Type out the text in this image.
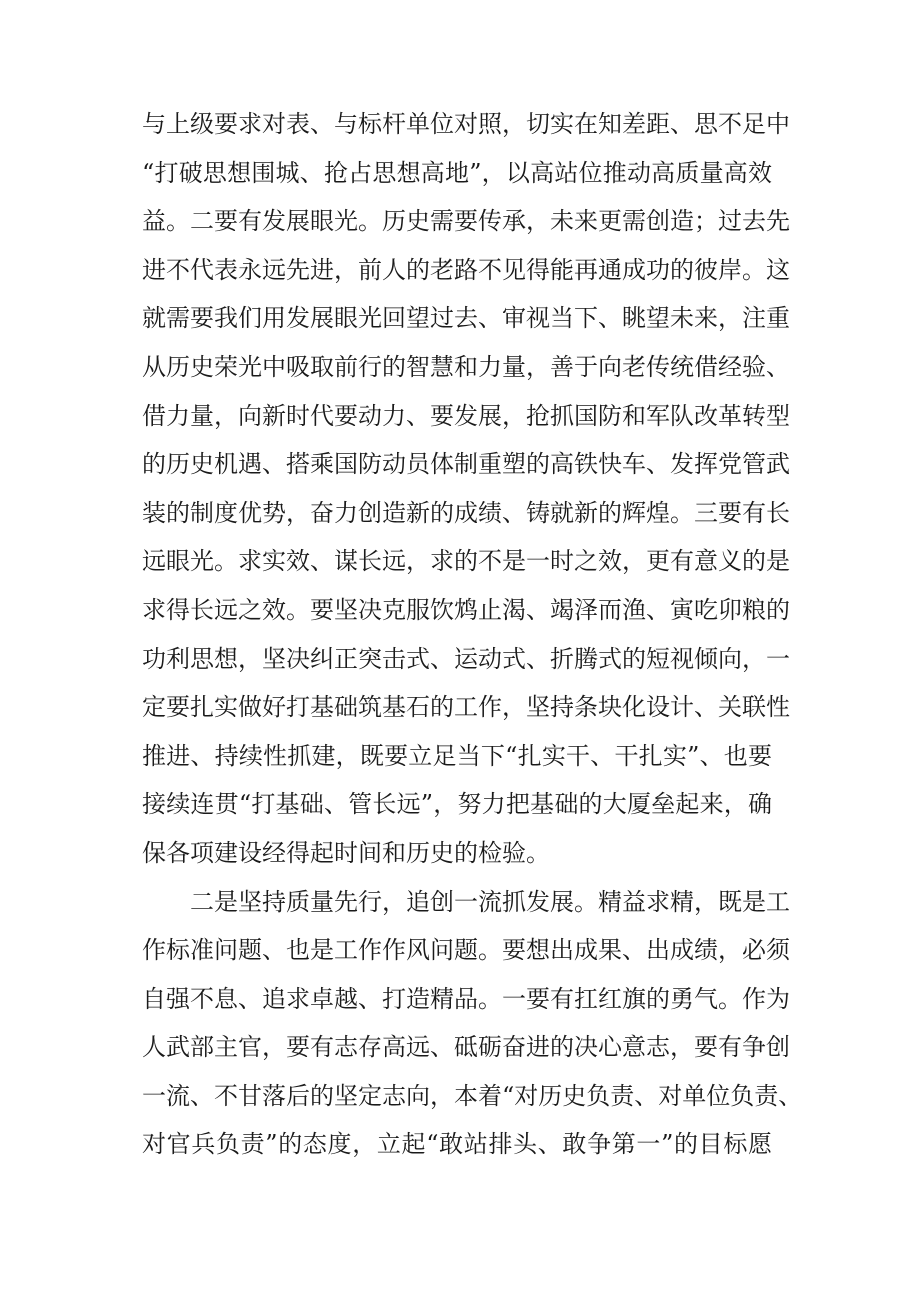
与上级要求对表、与标杆单位对照，切实在知差距、思不足中
“打破思想围城、抢占思想高地”，以高站位推动高质量高效
益。二要有发展眼光。历史需要传承，未来更需创造；过去先
进不代表永远先进，前人的老路不见得能再通成功的彼岸。这
就需要我们用发展眼光回望过去、审视当下、眺望未来，注重
从历史荣光中吸取前行的智慧和力量，善于向老传统借经验、
借力量，向新时代要动力、要发展，抢抓国防和军队改革转型
的历史机遇、搭乘国防动员体制重塑的高铁快车、发挥党管武
装的制度优势，奋力创造新的成绩、铸就新的辉煌。三要有长
远眼光。求实效、谋长远，求的不是一时之效，更有意义的是
求得长远之效。要坚决克服饮鸩止渴、竭泽而渔、寅吃卯粮的
功利思想，坚决纠正突击式、运动式、折腾式的短视倾向，一
定要扎实做好打基础筑基石的工作，坚持条块化设计、关联性
推进、持续性抓建，既要立足当下“扎实干、干扎实”、也要
接续连贯“打基础、管长远”，努力把基础的大厦垒起来，确
保各项建设经得起时间和历史的检验。
二是坚持质量先行，追创一流抓发展。精益求精，既是工
作标准问题、也是工作作风问题。要想出成果、出成绩，必须
自强不息、追求卓越、打造精品。一要有扛红旗的勇气。作为
人武部主官，要有志存高远、砥砺奋进的决心意志，要有争创
一流、不甘落后的坚定志向，本着“对历史负责、对单位负责、
对官兵负责”的态度，立起“敢站排头、敢争第一”的目标愿
